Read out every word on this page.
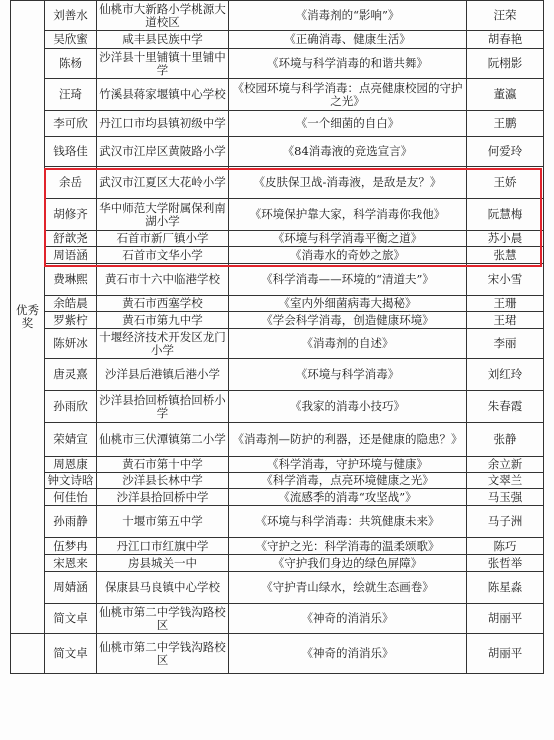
优秀奖	刘善水	仙桃市大新路小学桃源大道校区	《消毒剂的“影响”》	汪荣
	吴欣蜜	咸丰县民族中学	《正确消毒、健康生活》	胡春艳
	陈杨	沙洋县十里铺镇十里铺中学	《环境与科学消毒的和谐共舞》	阮栩影
	汪琦	竹溪县蒋家堰镇中心学校	《校园环境与科学消毒：点亮健康校园的守护之光》	董瀛
	李可欣	丹江口市均县镇初级中学	《一个细菌的自白》	王鹏
	钱珞佳	武汉市江岸区黄陂路小学	《84消毒液的竞选宣言》	何爱玲
	余岳	武汉市江夏区大花岭小学	《皮肤保卫战-消毒液，是敌是友？》	王娇
	胡修齐	华中师范大学附属保利南湖小学	《环境保护靠大家，科学消毒你我他》	阮慧梅
	舒歆尧	石首市新厂镇小学	《环境与科学消毒平衡之道》	苏小晨
	周语涵	石首市文华小学	《消毒水的奇妙之旅》	张慧
	费琳熙	黄石市十六中临港学校	《科学消毒——环境的“清道夫”》	宋小雪
	余皓晨	黄石市西塞学校	《室内外细菌病毒大揭秘》	王珊
	罗紫柠	黄石市第九中学	《学会科学消毒，创造健康环境》	王珺
	陈妍冰	十堰经济技术开发区龙门小学	《消毒剂的自述》	李丽
	唐灵熹	沙洋县后港镇后港小学	《环境与科学消毒》	刘红玲
	孙雨欣	沙洋县拾回桥镇拾回桥小学	《我家的消毒小技巧》	朱春霞
	荣婧宣	仙桃市三伏潭镇第二小学	《消毒剂—防护的利器，还是健康的隐患？》	张静
	周恩康	黄石市第十中学	《科学消毒，守护环境与健康》	余立新
	钟文诗晗	沙洋县长林中学	《科学消毒，点亮环境健康之光》	文翠兰
	何佳怡	沙洋县拾回桥中学	《流感季的消毒“攻坚战”》	马玉强
	孙雨静	十堰市第五中学	《环境与科学消毒：共筑健康未来》	马子洲
	伍梦冉	丹江口市红旗中学	《守护之光：科学消毒的温柔颂歌》	陈巧
	宋恩来	房县城关一中	《守护我们身边的绿色屏障》	张哲举
	周婧涵	保康县马良镇中心学校	《守护青山绿水，绘就生态画卷》	陈星淼
	简文卓	仙桃市第二中学钱沟路校区	《神奇的消消乐》	胡丽平
	简文卓	仙桃市第二中学钱沟路校区	《神奇的消消乐》	胡丽平
